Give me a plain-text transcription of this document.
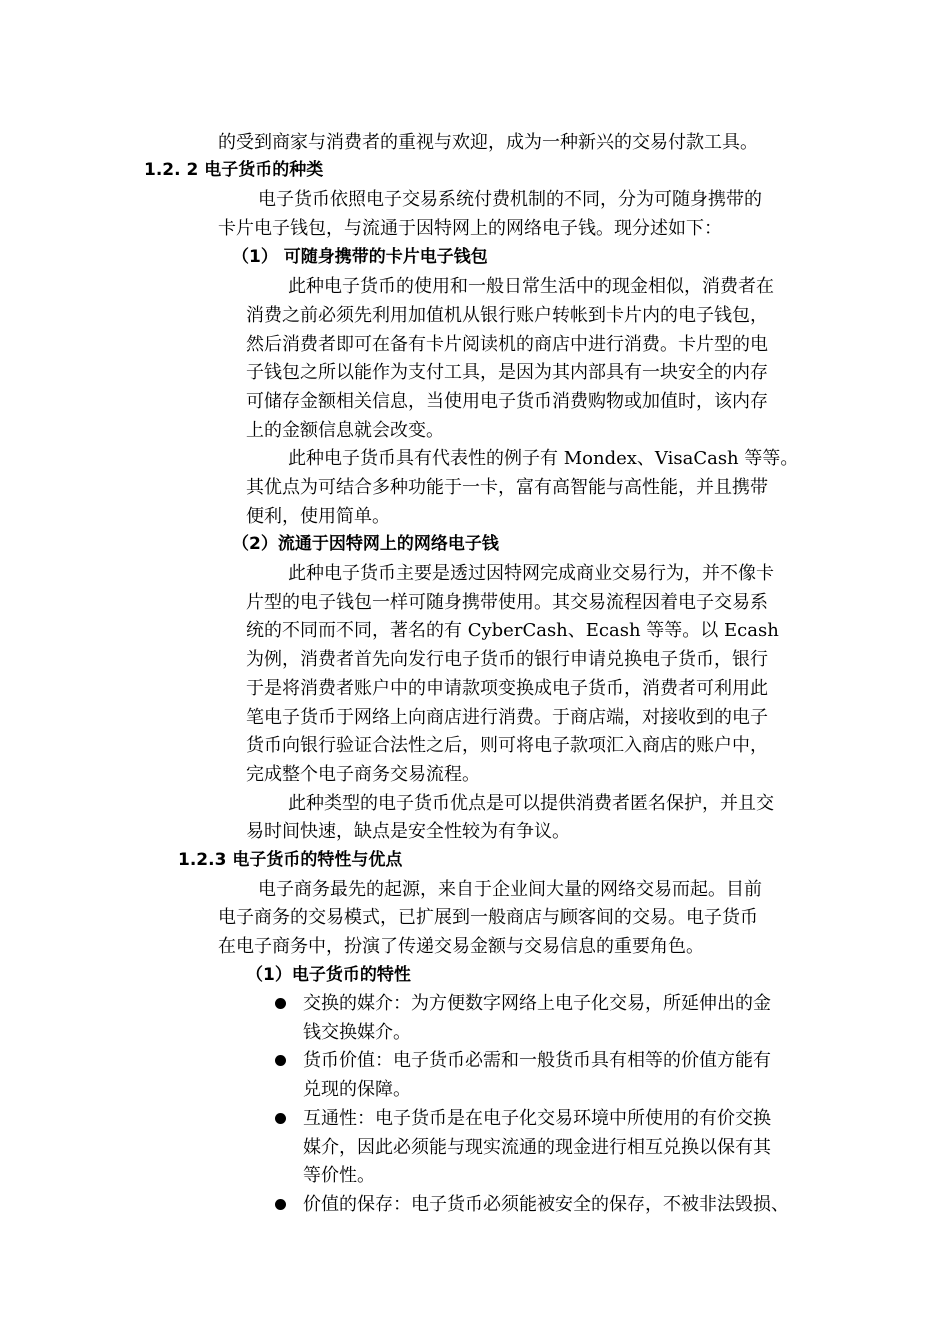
的受到商家与消费者的重视与欢迎，成为一种新兴的交易付款工具。
1.2. 2 电子货币的种类
电子货币依照电子交易系统付费机制的不同，分为可随身携带的
卡片电子钱包，与流通于因特网上的网络电子钱。现分述如下：
（1） 可随身携带的卡片电子钱包
此种电子货币的使用和一般日常生活中的现金相似，消费者在
消费之前必须先利用加值机从银行账户转帐到卡片内的电子钱包，
然后消费者即可在备有卡片阅读机的商店中进行消费。卡片型的电
子钱包之所以能作为支付工具，是因为其内部具有一块安全的内存
可储存金额相关信息，当使用电子货币消费购物或加值时，该内存
上的金额信息就会改变。
此种电子货币具有代表性的例子有 Mondex、VisaCash 等等。
其优点为可结合多种功能于一卡，富有高智能与高性能，并且携带
便利，使用简单。
（2）流通于因特网上的网络电子钱
此种电子货币主要是透过因特网完成商业交易行为，并不像卡
片型的电子钱包一样可随身携带使用。其交易流程因着电子交易系
统的不同而不同，著名的有 CyberCash、Ecash 等等。以 Ecash
为例，消费者首先向发行电子货币的银行申请兑换电子货币，银行
于是将消费者账户中的申请款项变换成电子货币，消费者可利用此
笔电子货币于网络上向商店进行消费。于商店端，对接收到的电子
货币向银行验证合法性之后，则可将电子款项汇入商店的账户中，
完成整个电子商务交易流程。
此种类型的电子货币优点是可以提供消费者匿名保护，并且交
易时间快速，缺点是安全性较为有争议。
1.2.3 电子货币的特性与优点
电子商务最先的起源，来自于企业间大量的网络交易而起。目前
电子商务的交易模式，已扩展到一般商店与顾客间的交易。电子货币
在电子商务中，扮演了传递交易金额与交易信息的重要角色。
（1）电子货币的特性
交换的媒介：为方便数字网络上电子化交易，所延伸出的金
钱交换媒介。
货币价值：电子货币必需和一般货币具有相等的价值方能有
兑现的保障。
互通性：电子货币是在电子化交易环境中所使用的有价交换
媒介，因此必须能与现实流通的现金进行相互兑换以保有其
等价性。
价值的保存：电子货币必须能被安全的保存，不被非法毁损、
